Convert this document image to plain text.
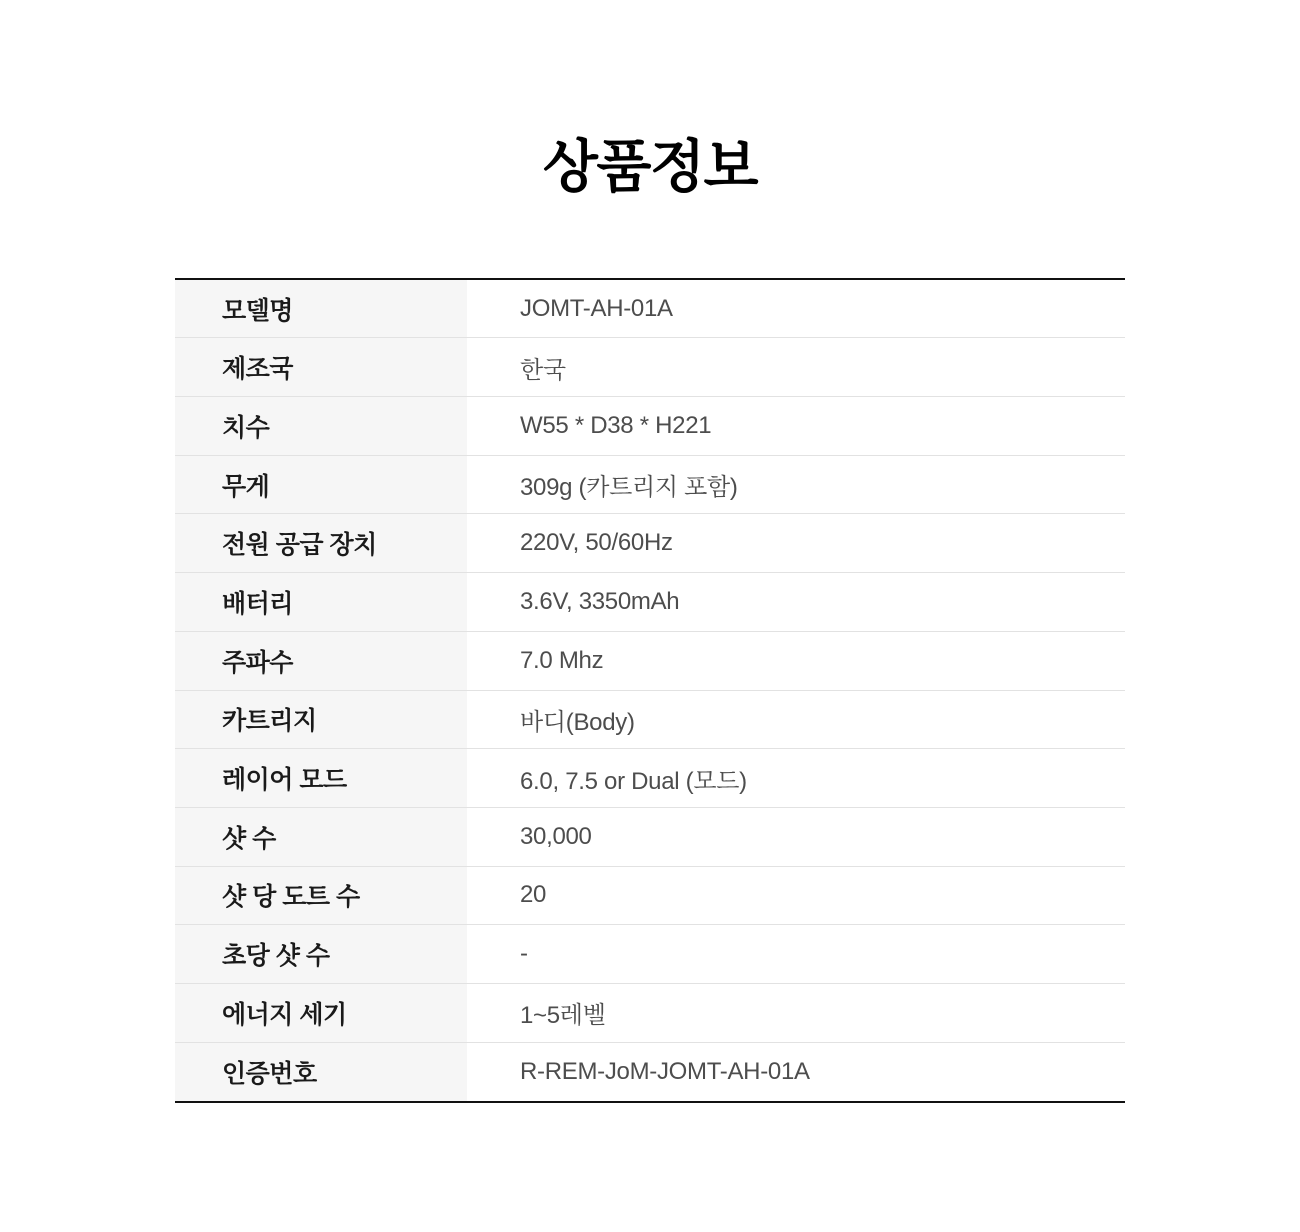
상품정보
모델명	JOMT-AH-01A
제조국	한국
치수	W55 * D38 * H221
무게	309g (카트리지 포함)
전원 공급 장치	220V, 50/60Hz
배터리	3.6V, 3350mAh
주파수	7.0 Mhz
카트리지	바디(Body)
레이어 모드	6.0, 7.5 or Dual (모드)
샷 수	30,000
샷 당 도트 수	20
초당 샷 수	-
에너지 세기	1~5레벨
인증번호	R-REM-JoM-JOMT-AH-01A
